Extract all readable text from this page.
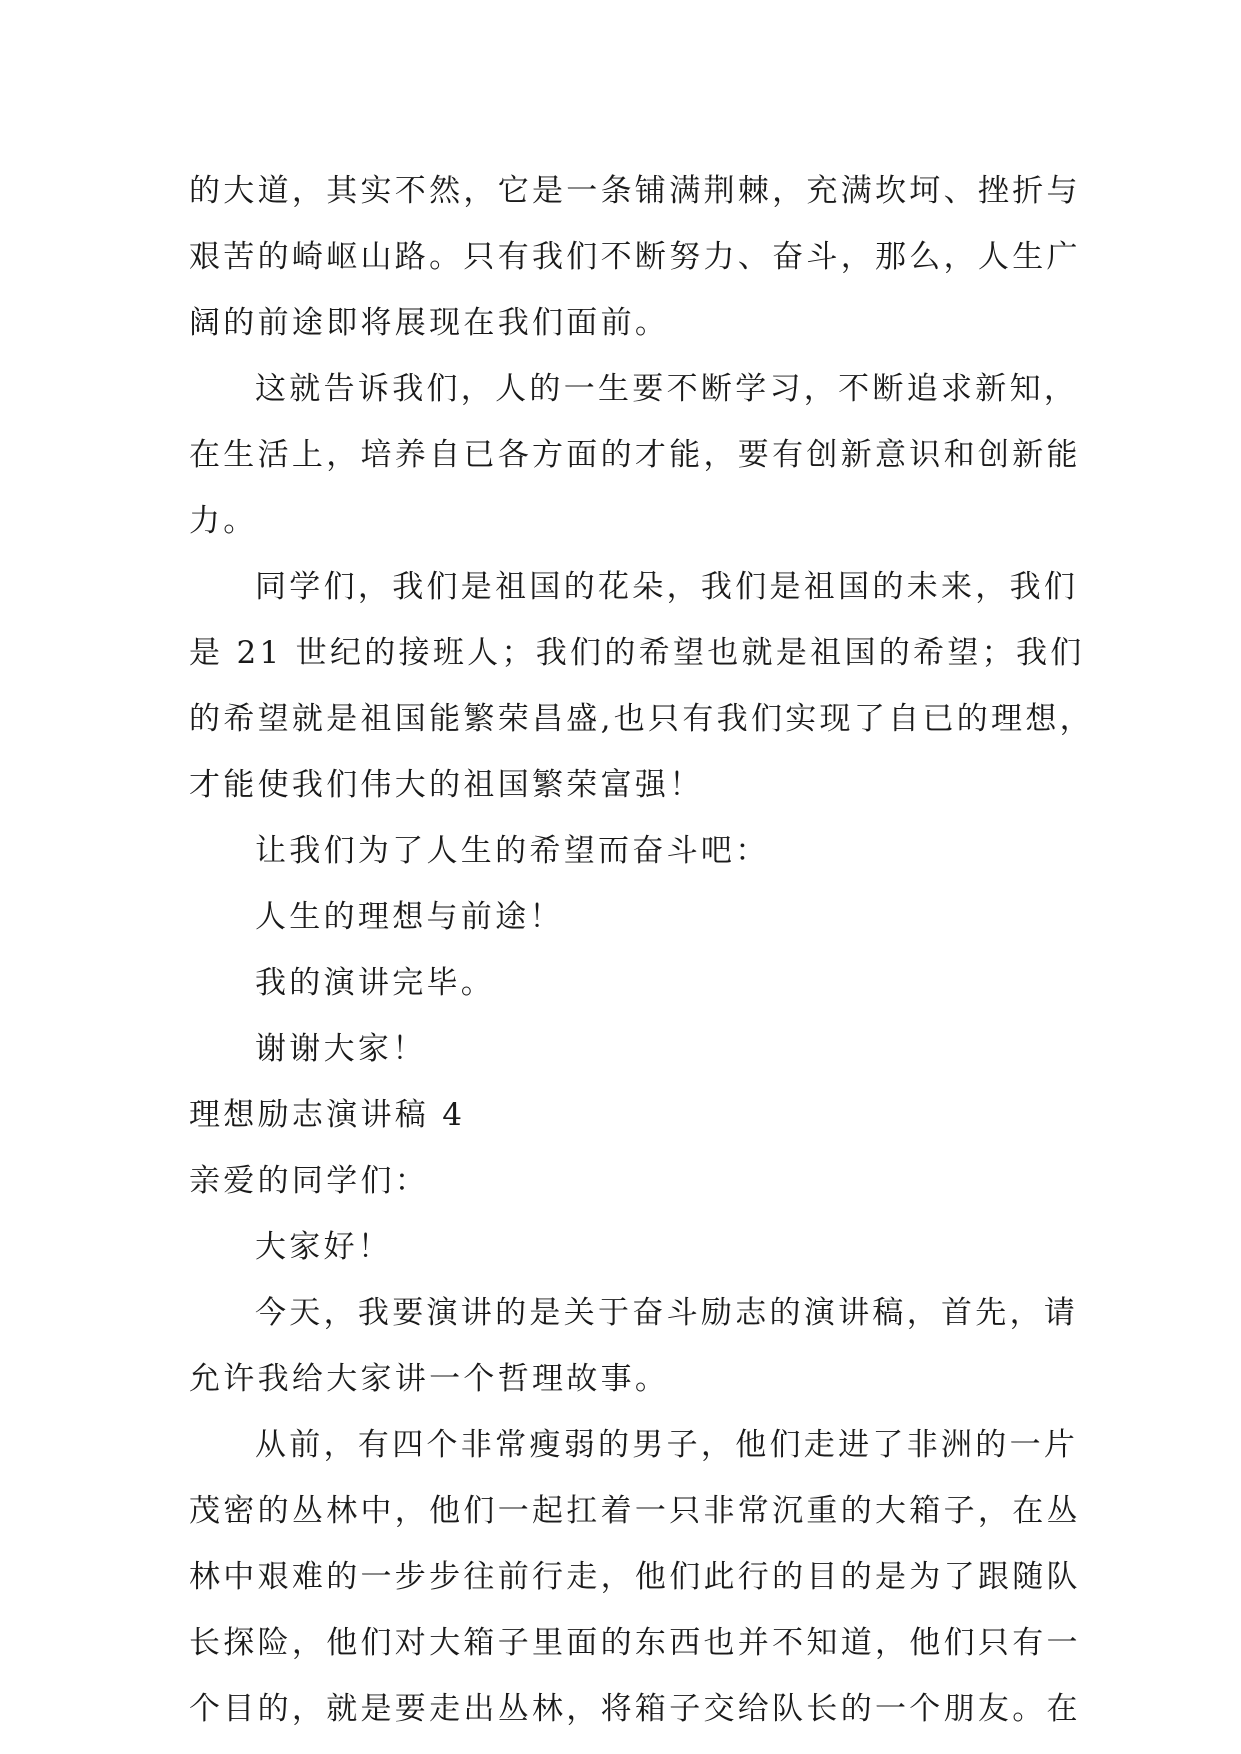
的大道，其实不然，它是一条铺满荆棘，充满坎坷、挫折与
艰苦的崎岖山路。只有我们不断努力、奋斗，那么，人生广
阔的前途即将展现在我们面前。
这就告诉我们，人的一生要不断学习，不断追求新知，
在生活上，培养自已各方面的才能，要有创新意识和创新能
力。
同学们，我们是祖国的花朵，我们是祖国的未来，我们
是 21 世纪的接班人；我们的希望也就是祖国的希望；我们
的希望就是祖国能繁荣昌盛,也只有我们实现了自已的理想，
才能使我们伟大的祖国繁荣富强！
让我们为了人生的希望而奋斗吧：
人生的理想与前途！
我的演讲完毕。
谢谢大家！
理想励志演讲稿 4
亲爱的同学们：
大家好！
今天，我要演讲的是关于奋斗励志的演讲稿，首先，请
允许我给大家讲一个哲理故事。
从前，有四个非常瘦弱的男子，他们走进了非洲的一片
茂密的丛林中，他们一起扛着一只非常沉重的大箱子，在丛
林中艰难的一步步往前行走，他们此行的目的是为了跟随队
长探险，他们对大箱子里面的东西也并不知道，他们只有一
个目的，就是要走出丛林，将箱子交给队长的一个朋友。在
